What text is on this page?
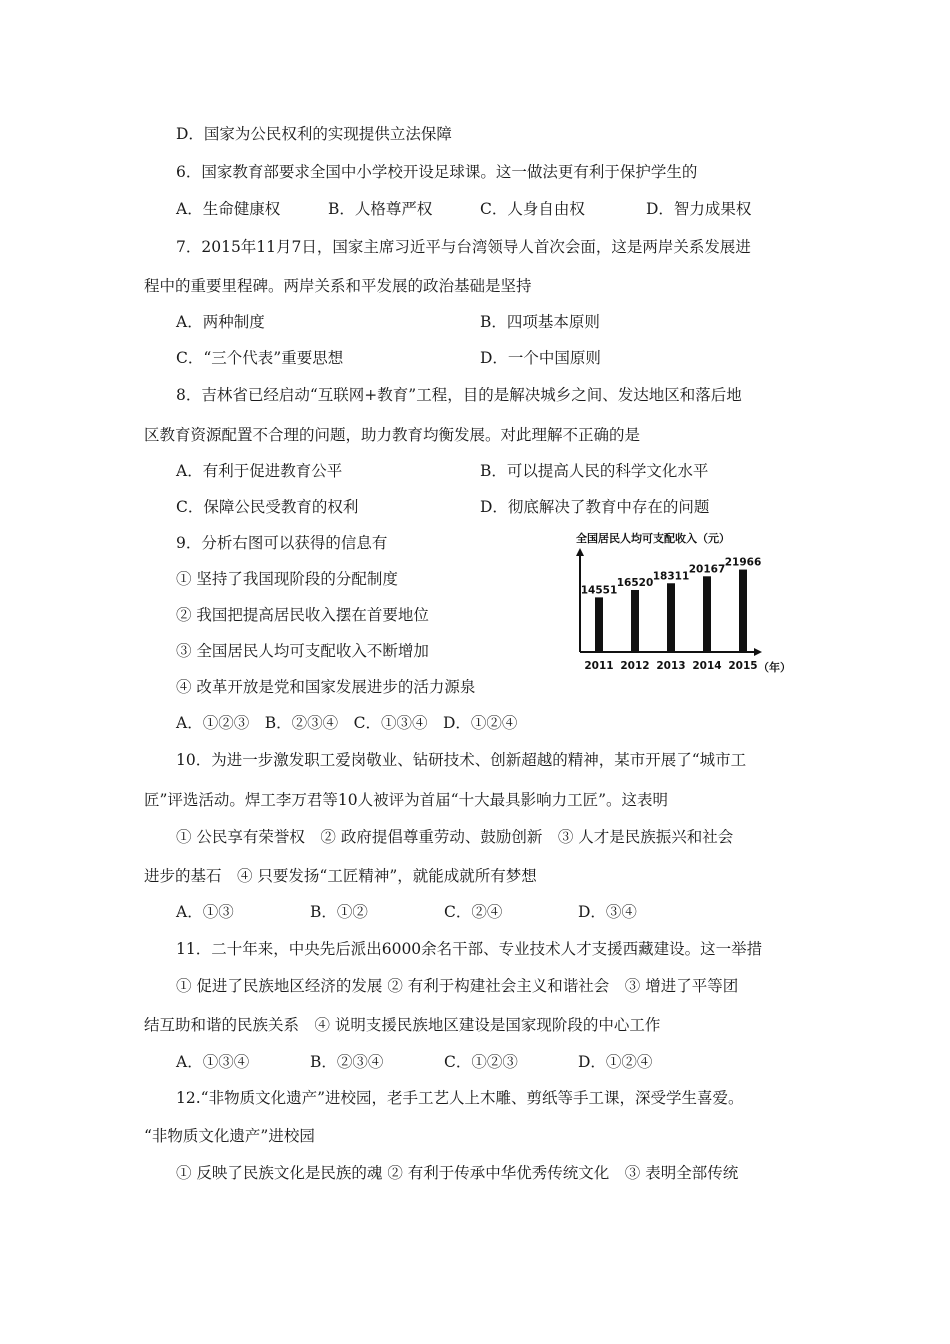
D．国家为公民权利的实现提供立法保障
6．国家教育部要求全国中小学校开设足球课。这一做法更有利于保护学生的
A．生命健康权	B．人格尊严权	C．人身自由权	D．智力成果权
7．2015年11月7日，国家主席习近平与台湾领导人首次会面，这是两岸关系发展进
程中的重要里程碑。两岸关系和平发展的政治基础是坚持
A．两种制度	B．四项基本原则
C．“三个代表”重要思想	D．一个中国原则
8．吉林省已经启动“互联网+教育”工程，目的是解决城乡之间、发达地区和落后地
区教育资源配置不合理的问题，助力教育均衡发展。对此理解不正确的是
A．有利于促进教育公平	B．可以提高人民的科学文化水平
C．保障公民受教育的权利	D．彻底解决了教育中存在的问题
9．分析右图可以获得的信息有
① 坚持了我国现阶段的分配制度
② 我国把提高居民收入摆在首要地位
③ 全国居民人均可支配收入不断增加
④ 改革开放是党和国家发展进步的活力源泉
A．①②③　B．②③④　C．①③④　D．①②④
全国居民人均可支配收入（元）
14551
16520
18311
20167
21966
2011 2012 2013 2014 2015 （年）
10．为进一步激发职工爱岗敬业、钻研技术、创新超越的精神，某市开展了“城市工
匠”评选活动。焊工李万君等10人被评为首届“十大最具影响力工匠”。这表明
① 公民享有荣誉权　② 政府提倡尊重劳动、鼓励创新　③ 人才是民族振兴和社会
进步的基石　④ 只要发扬“工匠精神”，就能成就所有梦想
A．①③	B．①②	C．②④	D．③④
11．二十年来，中央先后派出6000余名干部、专业技术人才支援西藏建设。这一举措
① 促进了民族地区经济的发展 ② 有利于构建社会主义和谐社会　③ 增进了平等团
结互助和谐的民族关系　④ 说明支援民族地区建设是国家现阶段的中心工作
A．①③④	B．②③④	C．①②③	D．①②④
12.“非物质文化遗产”进校园，老手工艺人上木雕、剪纸等手工课，深受学生喜爱。
“非物质文化遗产”进校园
① 反映了民族文化是民族的魂 ② 有利于传承中华优秀传统文化　③ 表明全部传统
